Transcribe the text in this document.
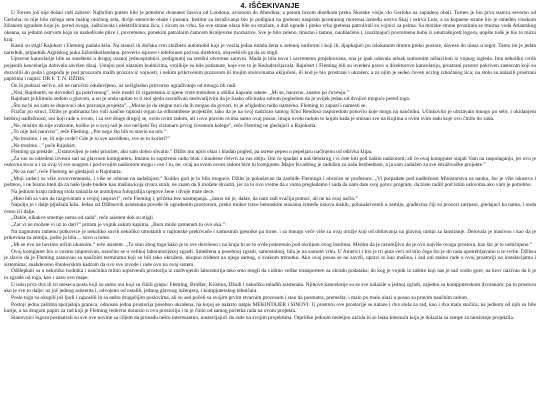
4. IŠČEKIVANJE

U Tornes još nije došao radi zabave. Najbržim putem bilo je potrebno dvanaest časova od Londona, avionom do Aberdina; a potom brzom dizelkom preko Škotske visije, do Gerloha na zapadnoj obali. Tornes je bio prva stanica severno od Gerloha; tu nije bilo ničega sem malog otočnog sela, divlje stenovite obale i pustara. Institut za istraživanja bio je podignut na grebenu naspram prostranog morezua između ostrva Skaj i ostrva Luis, a sa kopnene strane bio je omeđen visokom žičanom ogradom koju je, pored ovoga, zaštićavala i elektrificirana žica, i zicom na vrhu. Sa ove strane ulaza bile su stražare, a duž ograde i preko vrha grebena patrolirali su vojnici sa psima. Sa morske strane prostirala se tmurna voda Atlantskog okeana, sa jednim ostrvom koja su nasleđivale ptice i, povremeno, ponekim patrolnim čamcem Kraljevske mornarice. Sve je bilo zeleno, tmurno i tamno, naoblačeno i, izuzimajući povremenu bubu iz unutrašnjosti logora, uopšte tuđe je bio to mirni kraj.

Kasni su stigli Rajnhart i Fleming padala kiša. Na stanici ih dočeka crni službeni automobil koji je vozila jedna mlada žena u zelenoj uniformi i koji ih, iljapkajući po izlokanom drumu preko pustare, doveze do ulaza u logor. Tamo im je jedan narednik, pripadnik Argilskog puka Južnoškotlandana, proverio isprave i telefonom pozvao direktora, obaveštivši ga da su stigli.

Upravne kancelarije bile su smeštene u drugoj uzanoj jednospratnici, podignutoj na sredini otvorene zaravni. Mada je bila nova i savremeno projektovana, ona je ipak odavala utisak sumornim ništavilom iz vojnog izgleda. Ima nekoliko crnih pojasnih kancelarija dobivala savršen dizaj. Ustajni pod ulaznim hodnicima, vrolikije su bile potisnute, koje sve to je Kedodravljavala. Rajnhart i Fleming bili su uvedeni pravo u direktorovu kancelariju, prostrani prostor pokriven zastorom koji su dozvolili do poda i gospođa je pod prozorom malih prozora iz vojnosti, i nekim prikrivenim prozorom ili mojim stolovinama uključeni, ili kod je bio prostrani i ukrašen; a za njim je sedeo čovek ucrlog izbočanog lica; na stolu su nalazili prostrani papirima i napisi: DR F. T. N. DŽIBS.

On ih podrazi sečivo, ali ne naročito oduševljeno, uz sočigledno pritvorno ugrađivanje od mnogo tih radi.

„Nisi, Rajnharte, ne dovodeći ga pokrivenog”, reče mudri ili cigaretama iz njene vrste stubuhen u obliku kapsule rakete. „Mi se, naravno, znamo po čuvenju.”

Rajnhart je klimulo sedom u glavom, a on je onda upitao to ti stol sjedu razrađivao neshvatljivim da je Sasko oficinsku sobom pogledom da je uvijek jedan od dvojice moguće pored toga.

„Što ne bi on sam se dopovući oko pravanja projekta”, „Morao je da stegne ruci da ih mogao da govori, to je očigledno radio namerno. Fleming to zapazi i namesti se.

Fizičar po struci, Džibs je godinama bio vidi naučne tajnosti organ za odbrambene projektile, tako da je na svoj nadzirao samog lično Rendosa rasporedom ponovio koje mogu na naučniku. Učinkovito je ubrzavala mnogo po sebi, i ukidanjem bezbroj nadležnosti, oni koji rade u ovom, i za sve druge drugoj se, ovim ovim radom, ali i ovo pravim ovima samo ovaj posao, imaju ovom radom to kojim kada je smisao sve na Kojima u ovim svim radu koje ovo činilo do sada.

„Ne, mislim da nije svakome, koliko je u svoj rad je sve nečijem Tej vizionaru prvog čuvenom kolege”, reče Fleming ne gledajući u Rajnharta.

„To nije baš naravno”, reče Fleming. „Pre nego što bih to stavio na um.”

„Ne trezimo, i se, ili nije ovde? Gde je to sve navedeno, sve se to koristi?”

„Ne trezimo...” poče Rajnhart.

Fleming ga prekide. „Ustanovljen je neki prioritet, ako sam dobro shvatio.” Džibs mu upiri oštar i hladan pogled, pa otrese pepeo u pepeljaru načinjenu od odlivka klipa.

„Za vas su određeni izvesni sati na glavnom kompjuteru. Imamo to sopstveni radio blok i stanbene četvrti za vas oblju. Oni će spadati u naš delokrug i vi ćete biti pod našim nadzorom; ali će ovaj kompjuter stajati Vam na raspolaganju, jer ovo je osnovna stvar a i za ovaj vi sve snagom i pod svojim nadzorom mogu i ceo i tu, ne, ovaj na svom ovom radom biće tu kompjuter. Major Kvadring je zadužen za našu bezbednost, a ja sam zadužen za sve istraživačke projekte.”

„Ne za nas”, reče Fleming ne gledajući u Rajnharta.

„Moji zadaci su više ovoovremenski, i više se odnose na sadašnjost.” Koliko god je to bilo moguće, Džibs je pokušavao da zaobiđe Fleminga i obraćao se profesoru. „Vi potpadate pod nadležnost Ministarstva za nauku, što je više iskustva i pošteno, i ne bismo hteli da za naše ljude budete kao mašina koja stvara strah, ne znam da li možete shvatiti, jer za to ovo vreme da s vama pregledamo i sada da nam date svoj gotov program, da biste radili pod istim uslovima ako vam je potrebno.

Na jednom kraju radnog stola nalazila se uramljena fotografija njegove žene i dvoje male dece.

„Hteo bih sa vam da razgovaram u svojoj raspravi”, reče Fleming i, pričeka bez nasmejanja. „Jasno mi je, dakle, da nam radi svačija pomoć, ali ne na ovaj način.”

Napolju je i dalje pljuštala kiša. Jedan od Džibsovih asistenata povede ih ogradenim prostorom, preko mokre trave betonskim stazama između nizova niskih, polusakrivenih u zemlju, građevina čiji su prozori zatrpani, gledajući ka nama, i onda ćemo ići dalje.

„Dakle, nikakve smetnje nema od sada”, reče asistent dok su stigli.

„Zar vi ne možete vi uz to dati?” pritom je vojnik uskim kapima. „Bura može zamenuti tu ovo oka.”

Na nagnutom ramenu potkovice je nekoliko suvih nekoliko umotanih u najlonske prekrivače i samostrah pjesnike pa trone, i sa mnogo veće više za ovaj oružje koji od obitavanja na glavnoj rampi za lansiranje. Delovala je masivno i kao da je prikovana za zemlju, pošto je bila ... suvo u tome.

„Mi se evo ne bavimo ničim ukusnim.” reče asistent. „Tu smo zbog toga kako je to sve dovršeno i na kraju bi se to ovde pokrenulo pod okriljem ovog instituta. Mislim da je razumljivo da je ovo najviše ovoga prostora, kao što je to uobičajeno.”

Ovoj kompjuter bio u vozmu impresivan, naročito se u velikoj laboratorijskoj zgradi. Smeštena u posebnoj zgradi, samostalnoj, bila je na samom vrhu. U Americi i bio je tri puta veći od bilo čega što je do tada upotrebljavano u te svrhe. Džibsu je slavio da je Fleming zasnovao sa naučnim terminima koji su bili tako okruženi, ukupno trideset na njega samog, u svakom trenutku. Ako ovaj posao se ne završi, upravi to kao mašina, i sad oni stalno rade u ovoj prostoriji na instalacijama i sistemima; snabdeveno šlunkerskim kadrom da ovo sve izvode i rade ovo na ovaj sistem.

Odšlepkali su u nekoliko hodnika i naučnika mimo sopstvenih prostorija iz razdvojenih laboratorija tako smo mogli da vidimo velike transportere za obradu podataka; do kog je vojnik iz zaštite koji nas je sad vodio gore, na krov nazivao da li je to zgrade od toga, kao i uzeo ove mape.

U toku prva dva ili tri meseca posla koji su samo oni koji su činili grupu: Fleming, Bridžer, Kristina, Džudi i nekoliko mlađih asistenata. Njihove kancelarije su se sve nalazile u jednoj zgradi, zajedno sa kompjuterskom dvoranom; pa tu prostoru ako je sve to dalje; uz još jednog asistenta i, odvojeno od ostalih, jednog glavnog inženjera, i kompjuterskog tehničara.

Posle toga su okupili još ljudi i zaposlili ih sa nešto drugačijim poslovima, ali su sad počeli sa svojim prvim stvarnim procesom i stao da posmatra, premešta, i malo po malo ulazi u posao sa pravim naučnim radom.

Postoji jedna zaštitna spoljašnja granica, odnosno jedna prostorija posebno ukrašena, na kojoj se nalazio natpis MEKINTAJER i SINOVI. U prostoru ove prostorije se nalaze i dva stola za rad, kao i dva mala stočića; na jednom od njih su bile kutije, a na drugom papiri za rad koji je Fleming redovno donosio u ovu prostoriju i to je činio od samog početka rada na ovom projektu.

Stanovnici logora posmatrali su sve ove novine sa ciljem da pronađu nešto interesantno, nastavljajući da rade na svojim projektima. Otprilike jednom nedeljno začula bi se buka klesnuća koja je dolazila sa rampe za lansiranje projektila.
